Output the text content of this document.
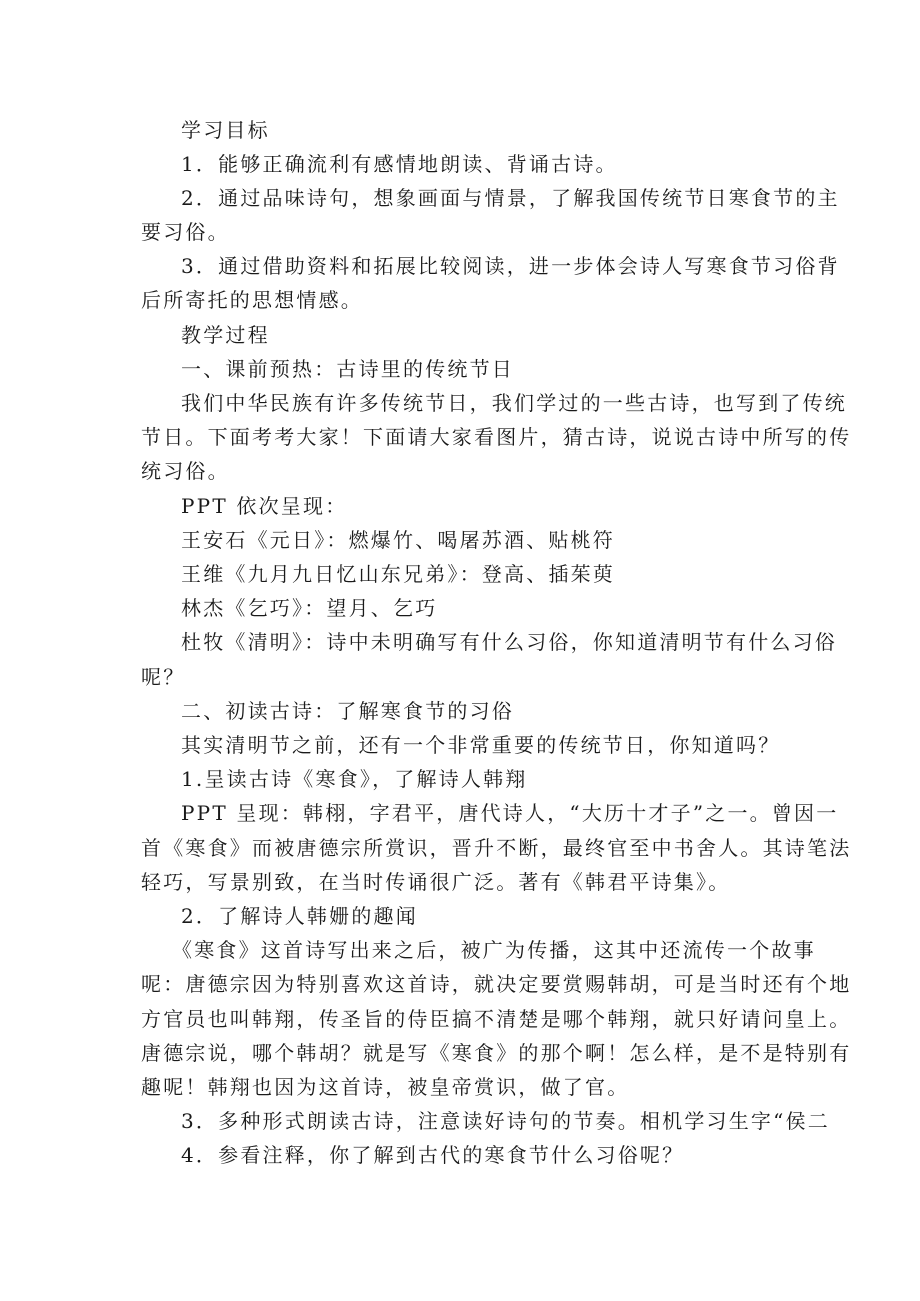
学习目标
1．能够正确流利有感情地朗读、背诵古诗。
2．通过品味诗句，想象画面与情景，了解我国传统节日寒食节的主
要习俗。
3．通过借助资料和拓展比较阅读，进一步体会诗人写寒食节习俗背
后所寄托的思想情感。
教学过程
一、课前预热：古诗里的传统节日
我们中华民族有许多传统节日，我们学过的一些古诗，也写到了传统
节日。下面考考大家！下面请大家看图片，猜古诗，说说古诗中所写的传
统习俗。
PPT 依次呈现：
王安石《元日》：燃爆竹、喝屠苏酒、贴桃符
王维《九月九日忆山东兄弟》：登高、插茱萸
林杰《乞巧》：望月、乞巧
杜牧《清明》：诗中未明确写有什么习俗，你知道清明节有什么习俗
呢？
二、初读古诗：了解寒食节的习俗
其实清明节之前，还有一个非常重要的传统节日，你知道吗？
1.呈读古诗《寒食》，了解诗人韩翔
PPT 呈现：韩栩，字君平，唐代诗人，“大历十才子”之一。曾因一
首《寒食》而被唐德宗所赏识，晋升不断，最终官至中书舍人。其诗笔法
轻巧，写景别致，在当时传诵很广泛。著有《韩君平诗集》。
2．了解诗人韩姗的趣闻
《寒食》这首诗写出来之后，被广为传播，这其中还流传一个故事
呢：唐德宗因为特别喜欢这首诗，就决定要赏赐韩胡，可是当时还有个地
方官员也叫韩翔，传圣旨的侍臣搞不清楚是哪个韩翔，就只好请问皇上。
唐德宗说，哪个韩胡？就是写《寒食》的那个啊！怎么样，是不是特别有
趣呢！韩翔也因为这首诗，被皇帝赏识，做了官。
3．多种形式朗读古诗，注意读好诗句的节奏。相机学习生字“侯二
4．参看注释，你了解到古代的寒食节什么习俗呢？
